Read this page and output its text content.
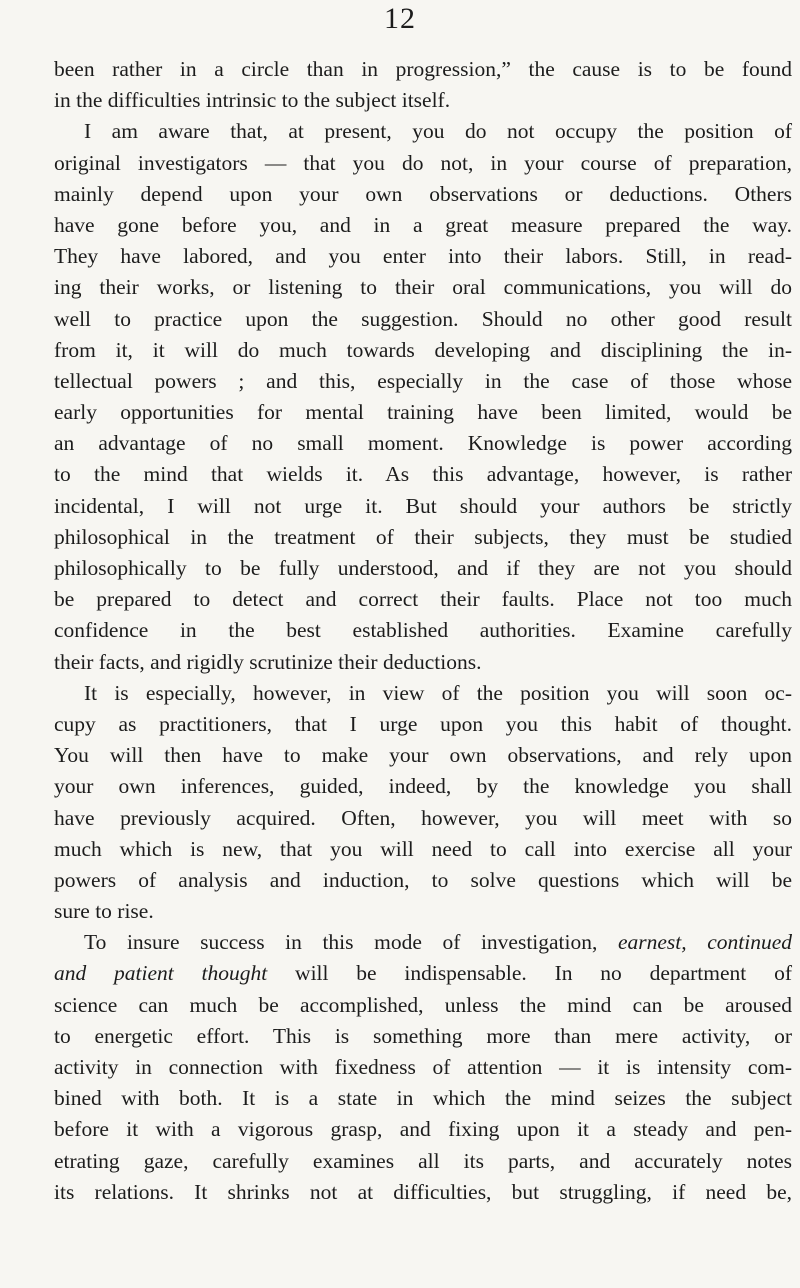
12
been rather in a circle than in progression,” the cause is to be found
in the difficulties intrinsic to the subject itself.
I am aware that, at present, you do not occupy the position of
original investigators — that you do not, in your course of preparation,
mainly depend upon your own observations or deductions. Others
have gone before you, and in a great measure prepared the way.
They have labored, and you enter into their labors. Still, in read-
ing their works, or listening to their oral communications, you will do
well to practice upon the suggestion. Should no other good result
from it, it will do much towards developing and disciplining the in-
tellectual powers ; and this, especially in the case of those whose
early opportunities for mental training have been limited, would be
an advantage of no small moment. Knowledge is power according
to the mind that wields it. As this advantage, however, is rather
incidental, I will not urge it. But should your authors be strictly
philosophical in the treatment of their subjects, they must be studied
philosophically to be fully understood, and if they are not you should
be prepared to detect and correct their faults. Place not too much
confidence in the best established authorities. Examine carefully
their facts, and rigidly scrutinize their deductions.
It is especially, however, in view of the position you will soon oc-
cupy as practitioners, that I urge upon you this habit of thought.
You will then have to make your own observations, and rely upon
your own inferences, guided, indeed, by the knowledge you shall
have previously acquired. Often, however, you will meet with so
much which is new, that you will need to call into exercise all your
powers of analysis and induction, to solve questions which will be
sure to rise.
To insure success in this mode of investigation, earnest, continued
and patient thought will be indispensable. In no department of
science can much be accomplished, unless the mind can be aroused
to energetic effort. This is something more than mere activity, or
activity in connection with fixedness of attention — it is intensity com-
bined with both. It is a state in which the mind seizes the subject
before it with a vigorous grasp, and fixing upon it a steady and pen-
etrating gaze, carefully examines all its parts, and accurately notes
its relations. It shrinks not at difficulties, but struggling, if need be,
